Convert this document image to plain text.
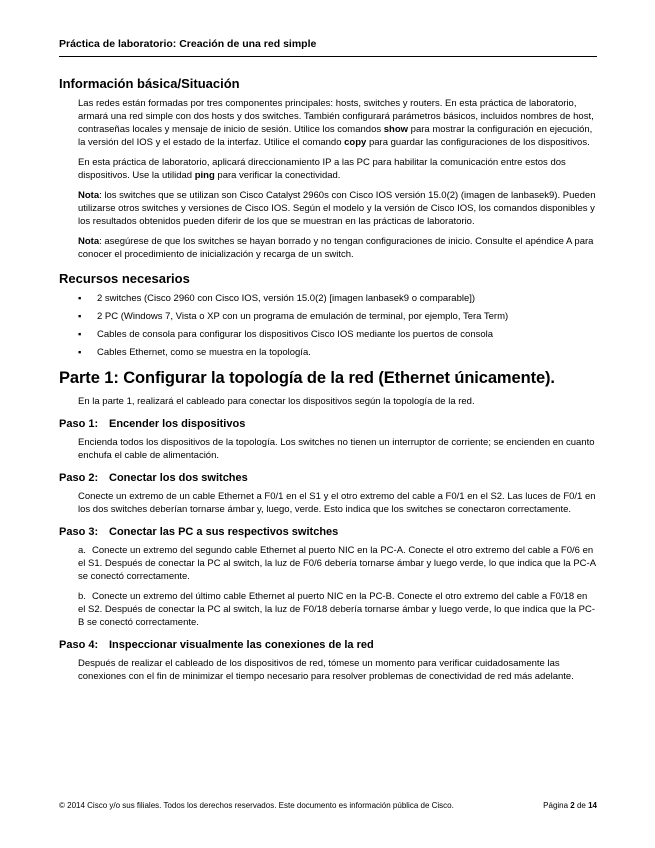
Práctica de laboratorio: Creación de una red simple
Información básica/Situación

Las redes están formadas por tres componentes principales: hosts, switches y routers. En esta práctica de laboratorio, armará una red simple con dos hosts y dos switches. También configurará parámetros básicos, incluidos nombres de host, contraseñas locales y mensaje de inicio de sesión. Utilice los comandos show para mostrar la configuración en ejecución, la versión del IOS y el estado de la interfaz. Utilice el comando copy para guardar las configuraciones de los dispositivos.

En esta práctica de laboratorio, aplicará direccionamiento IP a las PC para habilitar la comunicación entre estos dos dispositivos. Use la utilidad ping para verificar la conectividad.

Nota: los switches que se utilizan son Cisco Catalyst 2960s con Cisco IOS versión 15.0(2) (imagen de lanbasek9). Pueden utilizarse otros switches y versiones de Cisco IOS. Según el modelo y la versión de Cisco IOS, los comandos disponibles y los resultados obtenidos pueden diferir de los que se muestran en las prácticas de laboratorio.

Nota: asegúrese de que los switches se hayan borrado y no tengan configuraciones de inicio. Consulte el apéndice A para conocer el procedimiento de inicialización y recarga de un switch.

Recursos necesarios
▪ 2 switches (Cisco 2960 con Cisco IOS, versión 15.0(2) [imagen lanbasek9 o comparable])
▪ 2 PC (Windows 7, Vista o XP con un programa de emulación de terminal, por ejemplo, Tera Term)
▪ Cables de consola para configurar los dispositivos Cisco IOS mediante los puertos de consola
▪ Cables Ethernet, como se muestra en la topología.
Parte 1: Configurar la topología de la red (Ethernet únicamente).

En la parte 1, realizará el cableado para conectar los dispositivos según la topología de la red.

Paso 1: Encender los dispositivos

Encienda todos los dispositivos de la topología. Los switches no tienen un interruptor de corriente; se encienden en cuanto enchufa el cable de alimentación.

Paso 2: Conectar los dos switches

Conecte un extremo de un cable Ethernet a F0/1 en el S1 y el otro extremo del cable a F0/1 en el S2. Las luces de F0/1 en los dos switches deberían tornarse ámbar y, luego, verde. Esto indica que los switches se conectaron correctamente.

Paso 3: Conectar las PC a sus respectivos switches

a. Conecte un extremo del segundo cable Ethernet al puerto NIC en la PC-A. Conecte el otro extremo del cable a F0/6 en el S1. Después de conectar la PC al switch, la luz de F0/6 debería tornarse ámbar y luego verde, lo que indica que la PC-A se conectó correctamente.

b. Conecte un extremo del último cable Ethernet al puerto NIC en la PC-B. Conecte el otro extremo del cable a F0/18 en el S2. Después de conectar la PC al switch, la luz de F0/18 debería tornarse ámbar y luego verde, lo que indica que la PC-B se conectó correctamente.

Paso 4: Inspeccionar visualmente las conexiones de la red

Después de realizar el cableado de los dispositivos de red, tómese un momento para verificar cuidadosamente las conexiones con el fin de minimizar el tiempo necesario para resolver problemas de conectividad de red más adelante.

© 2014 Cisco y/o sus filiales. Todos los derechos reservados. Este documento es información pública de Cisco.	Página 2 de 14
